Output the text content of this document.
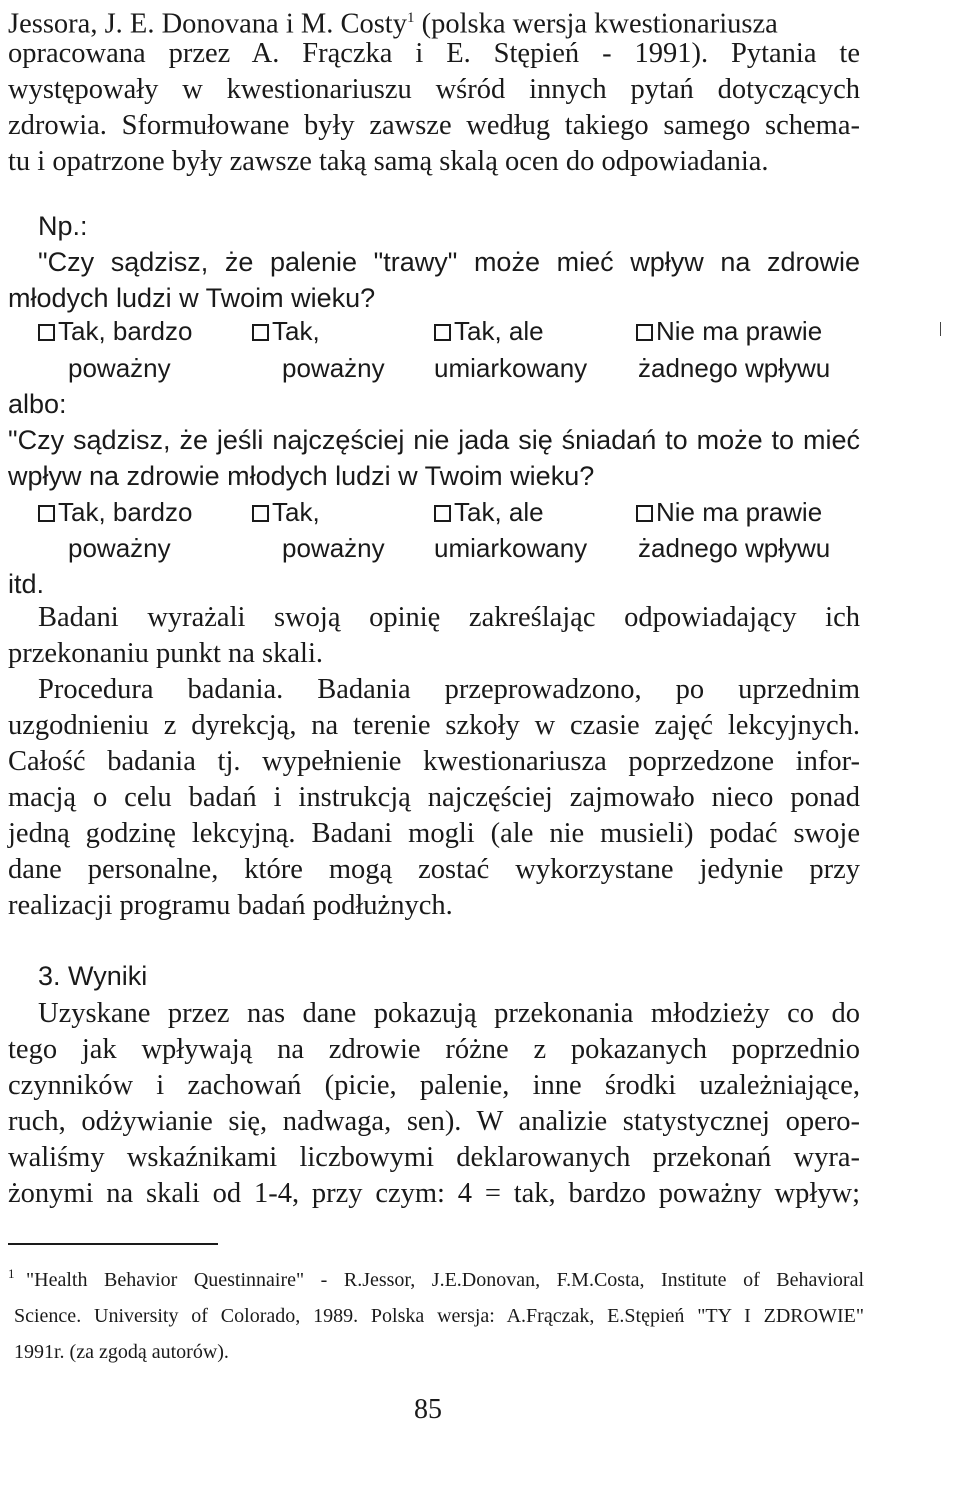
Jessora, J. E. Donovana i M. Costy$^1$ (polska wersja kwestionariusza
opracowana przez A. Frączka i E. Stępień - 1991). Pytania te
występowały w kwestionariuszu wśród innych pytań dotyczących
zdrowia. Sformułowane były zawsze według takiego samego schema-
tu i opatrzone były zawsze taką samą skalą ocen do odpowiadania.
Np.:
"Czy sądzisz, że palenie "trawy" może mieć wpływ na zdrowie
młodych ludzi w Twoim wieku?
Tak, bardzo
poważny
Tak,
poważny
Tak, ale
umiarkowany
Nie ma prawie
żadnego wpływu
albo:
"Czy sądzisz, że jeśli najczęściej nie jada się śniadań to może to mieć
wpływ na zdrowie młodych ludzi w Twoim wieku?
Tak, bardzo
poważny
Tak,
poważny
Tak, ale
umiarkowany
Nie ma prawie
żadnego wpływu
itd.
Badani wyrażali swoją opinię zakreślając odpowiadający ich
przekonaniu punkt na skali.
Procedura badania. Badania przeprowadzono, po uprzednim
uzgodnieniu z dyrekcją, na terenie szkoły w czasie zajęć lekcyjnych.
Całość badania tj. wypełnienie kwestionariusza poprzedzone infor-
macją o celu badań i instrukcją najczęściej zajmowało nieco ponad
jedną godzinę lekcyjną. Badani mogli (ale nie musieli) podać swoje
dane personalne, które mogą zostać wykorzystane jedynie przy
realizacji programu badań podłużnych.
3. Wyniki
Uzyskane przez nas dane pokazują przekonania młodzieży co do
tego jak wpływają na zdrowie różne z pokazanych poprzednio
czynników i zachowań (picie, palenie, inne środki uzależniające,
ruch, odżywianie się, nadwaga, sen). W analizie statystycznej opero-
waliśmy wskaźnikami liczbowymi deklarowanych przekonań wyra-
żonymi na skali od 1-4, przy czym: 4 = tak, bardzo poważny wpływ;
1 "Health Behavior Questinnaire" - R.Jessor, J.E.Donovan, F.M.Costa, Institute of Behavioral
Science. University of Colorado, 1989. Polska wersja: A.Frączak, E.Stępień "TY I ZDROWIE"
1991r. (za zgodą autorów).
85
